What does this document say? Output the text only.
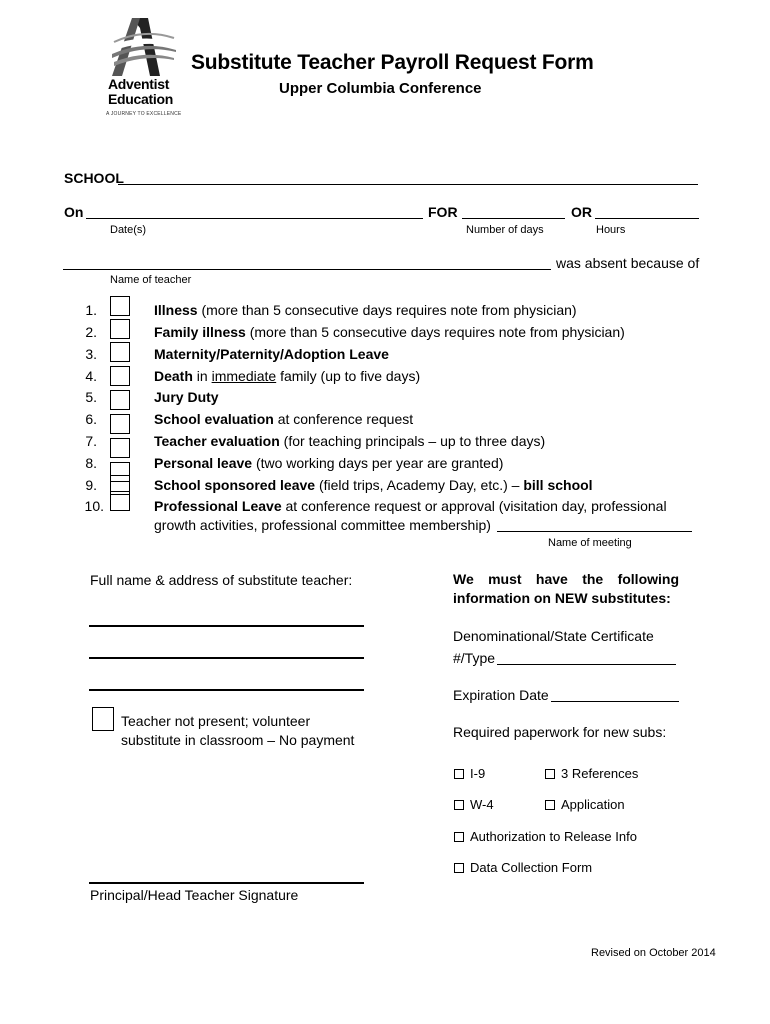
Adventist
Education
A JOURNEY TO EXCELLENCE
Substitute Teacher Payroll Request Form
Upper Columbia Conference
SCHOOL
On	FOR	OR
Date(s)	Number of days	Hours
was absent because of
Name of teacher
1.	Illness (more than 5 consecutive days requires note from physician)
2.	Family illness (more than 5 consecutive days requires note from physician)
3.	Maternity/Paternity/Adoption Leave
4.	Death in immediate family (up to five days)
5.	Jury Duty
6.	School evaluation at conference request
7.	Teacher evaluation (for teaching principals – up to three days)
8.	Personal leave (two working days per year are granted)
9.	School sponsored leave (field trips, Academy Day, etc.) – bill school
10.	Professional Leave at conference request or approval (visitation day, professional
growth activities, professional committee membership)
Name of meeting
Full name & address of substitute teacher:
Teacher not present; volunteer
substitute in classroom – No payment
Principal/Head Teacher Signature
We must have the following
information on NEW substitutes:
Denominational/State Certificate
#/Type
Expiration Date
Required paperwork for new subs:
I-9	3 References
W-4	Application
Authorization to Release Info
Data Collection Form
Revised on October 2014
